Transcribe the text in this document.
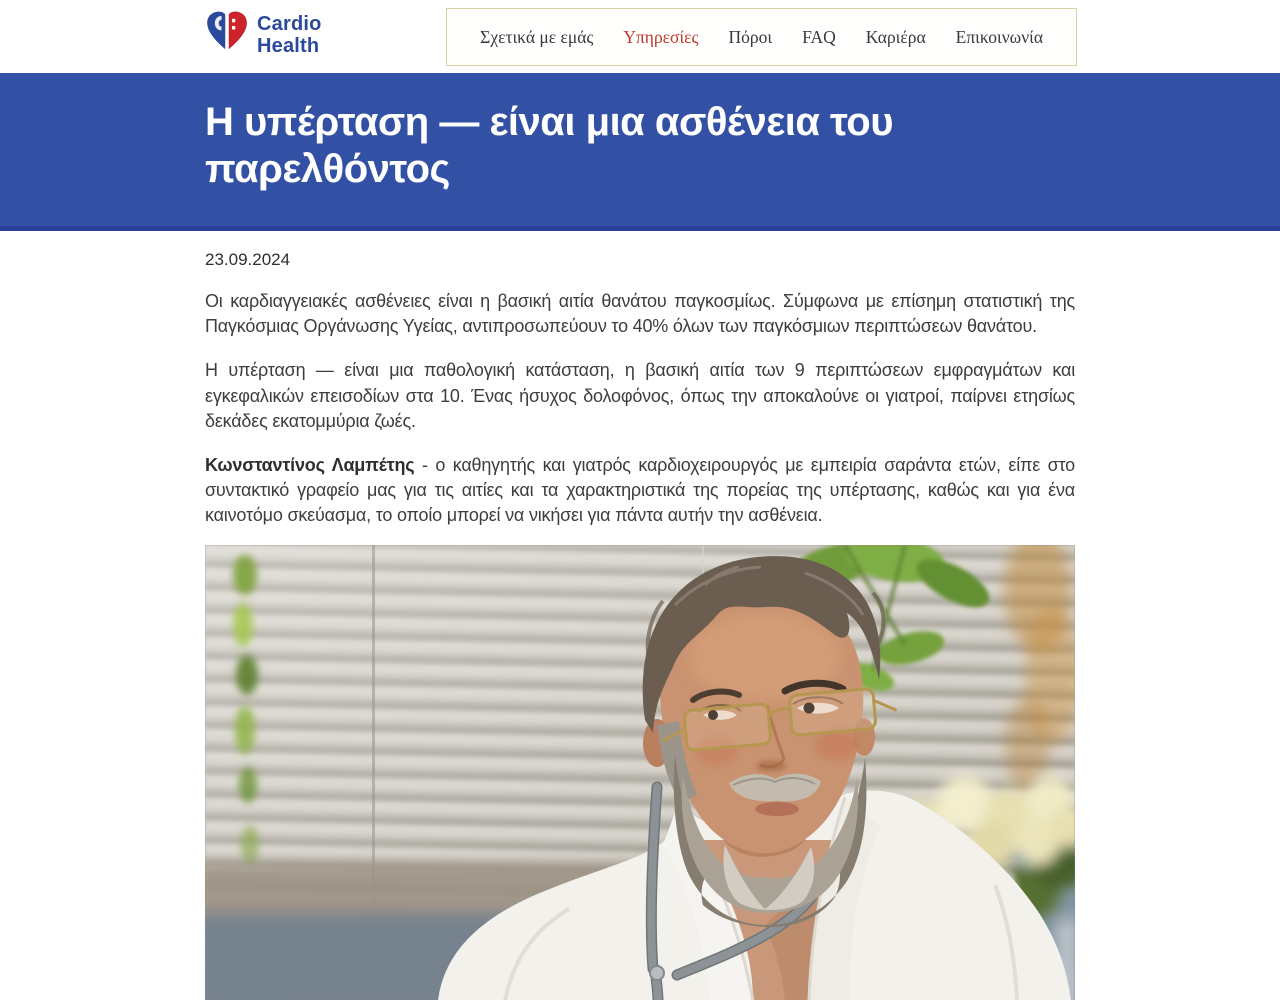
Cardio
Health	Σχετικά με εμάς	Υπηρεσίες	Πόροι	FAQ	Καριέρα	Επικοινωνία
Η υπέρταση — είναι μια ασθένεια του παρελθόντος
23.09.2024

Οι καρδιαγγειακές ασθένειες είναι η βασική αιτία θανάτου παγκοσμίως. Σύμφωνα με επίσημη στατιστική της Παγκόσμιας Οργάνωσης Υγείας, αντιπροσωπεύουν το 40% όλων των παγκόσμιων περιπτώσεων θανάτου.

Η υπέρταση — είναι μια παθολογική κατάσταση, η βασική αιτία των 9 περιπτώσεων εμφραγμάτων και εγκεφαλικών επεισοδίων στα 10. Ένας ήσυχος δολοφόνος, όπως την αποκαλούνε οι γιατροί, παίρνει ετησίως δεκάδες εκατομμύρια ζωές.

Κωνσταντίνος Λαμπέτης - ο καθηγητής και γιατρός καρδιοχειρουργός με εμπειρία σαράντα ετών, είπε στο συντακτικό γραφείο μας για τις αιτίες και τα χαρακτηριστικά της πορείας της υπέρτασης, καθώς και για ένα καινοτόμο σκεύασμα, το οποίο μπορεί να νικήσει για πάντα αυτήν την ασθένεια.
